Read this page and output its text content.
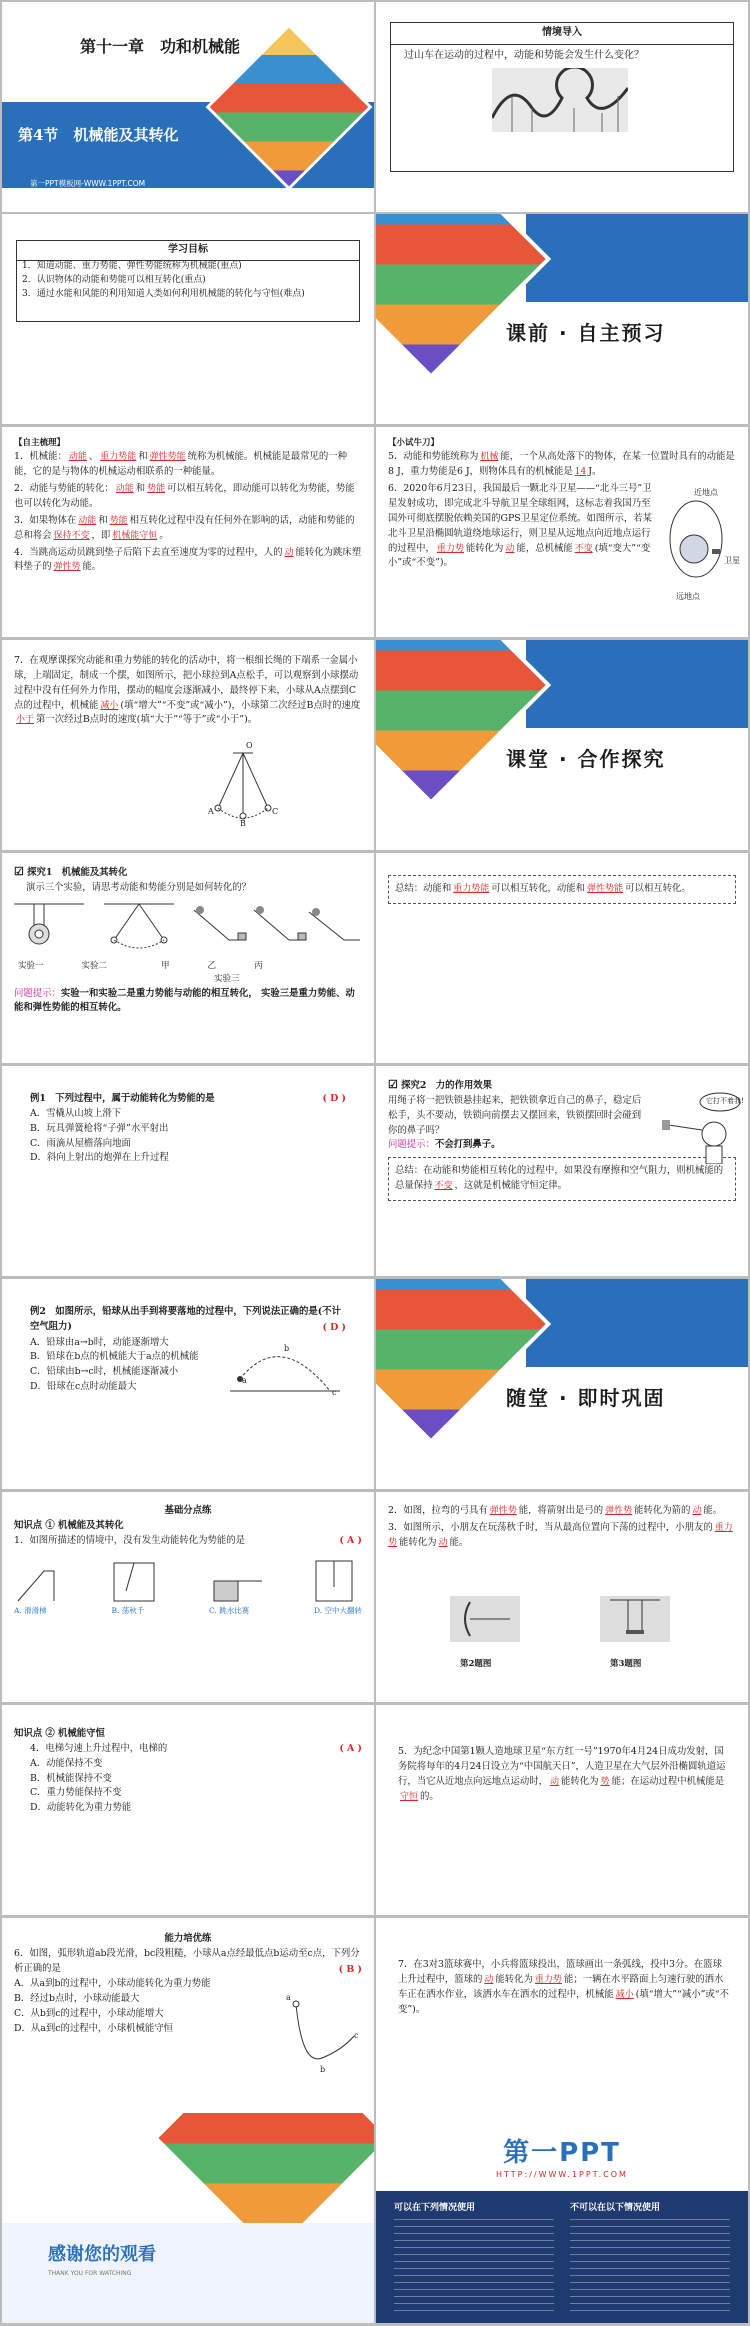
第十一章　功和机械能
第4节　机械能及其转化
第一PPT模板网-WWW.1PPT.COM
情境导入
过山车在运动的过程中，动能和势能会发生什么变化？
学习目标
1．知道动能、重力势能、弹性势能统称为机械能(重点)
2．认识物体的动能和势能可以相互转化(重点)
3．通过水能和风能的利用知道人类如何利用机械能的转化与守恒(难点)
课前 · 自主预习
【自主梳理】
1．机械能： 动能 、 重力势能 和 弹性势能 统称为机械能。机械能是最常见的一种能，它的是与物体的机械运动相联系的一种能量。
2．动能与势能的转化： 动能 和 势能 可以相互转化，即动能可以转化为势能，势能也可以转化为动能。
3．如果物体在 动能 和 势能 相互转化过程中没有任何外在影响的话，动能和势能的总和将会 保持不变 ，即 机械能守恒 。
4．当跳高运动员跳到垫子后陷下去直至速度为零的过程中，人的 动 能转化为跳床塑料垫子的 弹性势 能。
【小试牛刀】
5．动能和势能统称为 机械 能，一个从高处落下的物体，在某一位置时具有的动能是8 J，重力势能是6 J，则物体具有的机械能是 14 J。
6．2020年6月23日，我国最后一颗北斗卫星——“北斗三号”卫星发射成功，即完成北斗导航卫星全球组网，这标志着我国乃至国外可彻底摆脱依赖美国的GPS卫星定位系统。如图所示，若某北斗卫星沿椭圆轨道绕地球运行，则卫星从远地点向近地点运行的过程中， 重力势 能转化为 动 能，总机械能 不变 (填“变大”“变小”或“不变”)。
近地点
卫星
远地点
7．在观摩课探究动能和重力势能的转化的活动中，将一根细长绳的下端系一金属小球，上端固定，制成一个摆，如图所示，把小球拉到A点松手，可以观察到小球摆动过程中没有任何外力作用，摆动的幅度会逐渐减小，最终停下来，小球从A点摆到C点的过程中，机械能 减小 (填“增大”“不变”或“减小”)，小球第二次经过B点时的速度小于 第一次经过B点时的速度(填“大于”“等于”或“小于”)。
O
A
B
C
课堂 · 合作探究
☑ 探究1　机械能及其转化
演示三个实验，请思考动能和势能分别是如何转化的？
实验一	实验二	甲	乙	丙
实验三
问题提示：实验一和实验二是重力势能与动能的相互转化， 实验三是重力势能、动能和弹性势能的相互转化。
总结：动能和 重力势能 可以相互转化，动能和 弹性势能 可以相互转化。
例1　下列过程中，属于动能转化为势能的是	( D )
A．雪橇从山坡上滑下
B．玩具弹簧枪将“子弹”水平射出
C．雨滴从屋檐落向地面
D．斜向上射出的炮弹在上升过程
☑ 探究2　力的作用效果
用绳子将一把铁锁悬挂起来，把铁锁拿近自己的鼻子，稳定后松手，头不要动，铁锁向前摆去又摆回来，铁锁摆回时会碰到你的鼻子吗？
问题提示：不会打到鼻子。
总结：在动能和势能相互转化的过程中，如果没有摩擦和空气阻力，则机械能的总量保持 不变 ，这就是机械能守恒定律。
它打不着我!
例2　如图所示，铅球从出手到将要落地的过程中，下列说法正确的是(不计空气阻力)	( D )
A．铅球由a→b时，动能逐渐增大
B．铅球在b点的机械能大于a点的机械能
C．铅球由b→c时，机械能逐渐减小
D．铅球在c点时动能最大
a
b
c	随堂 · 即时巩固
基础分点练
知识点 ① 机械能及其转化
1．如图所描述的情境中，没有发生动能转化为势能的是	( A )
A. 滑滑梯	B. 荡秋千	C. 跳水比赛	D. 空中大翻转
2．如图，拉弯的弓具有 弹性势 能，将箭射出是弓的 弹性势 能转化为箭的 动 能。
3．如图所示，小朋友在玩荡秋千时，当从最高位置向下荡的过程中，小朋友的 重力势 能转化为 动 能。
第2题图	第3题图
知识点 ② 机械能守恒
4．电梯匀速上升过程中，电梯的	( A )
A．动能保持不变
B．机械能保持不变
C．重力势能保持不变
D．动能转化为重力势能
5．为纪念中国第1颗人造地球卫星“东方红一号”1970年4月24日成功发射，国务院将每年的4月24日设立为“中国航天日”，人造卫星在大气层外沿椭圆轨道运行，当它从近地点向远地点运动时， 动 能转化为 势 能；在运动过程中机械能是守恒 的。
能力培优练
6．如图，弧形轨道ab段光滑，bc段粗糙，小球从a点经最低点b运动至c点，下列分析正确的是	( B )
A．从a到b的过程中，小球动能转化为重力势能
B．经过b点时，小球动能最大
C．从b到c的过程中，小球动能增大
D．从a到c的过程中，小球机械能守恒
a
b
c
7．在3对3篮球赛中，小兵将篮球投出，篮球画出一条弧线，投中3分。在篮球上升过程中，篮球的 动 能转化为 重力势 能；一辆在水平路面上匀速行驶的洒水车正在洒水作业，该洒水车在洒水的过程中，机械能 减小 (填“增大”“减小”或“不变”)。
感谢您的观看
THANK YOU FOR WATCHING
第一PPT
HTTP://WWW.1PPT.COM
可以在下列情况使用	不可以在以下情况使用
